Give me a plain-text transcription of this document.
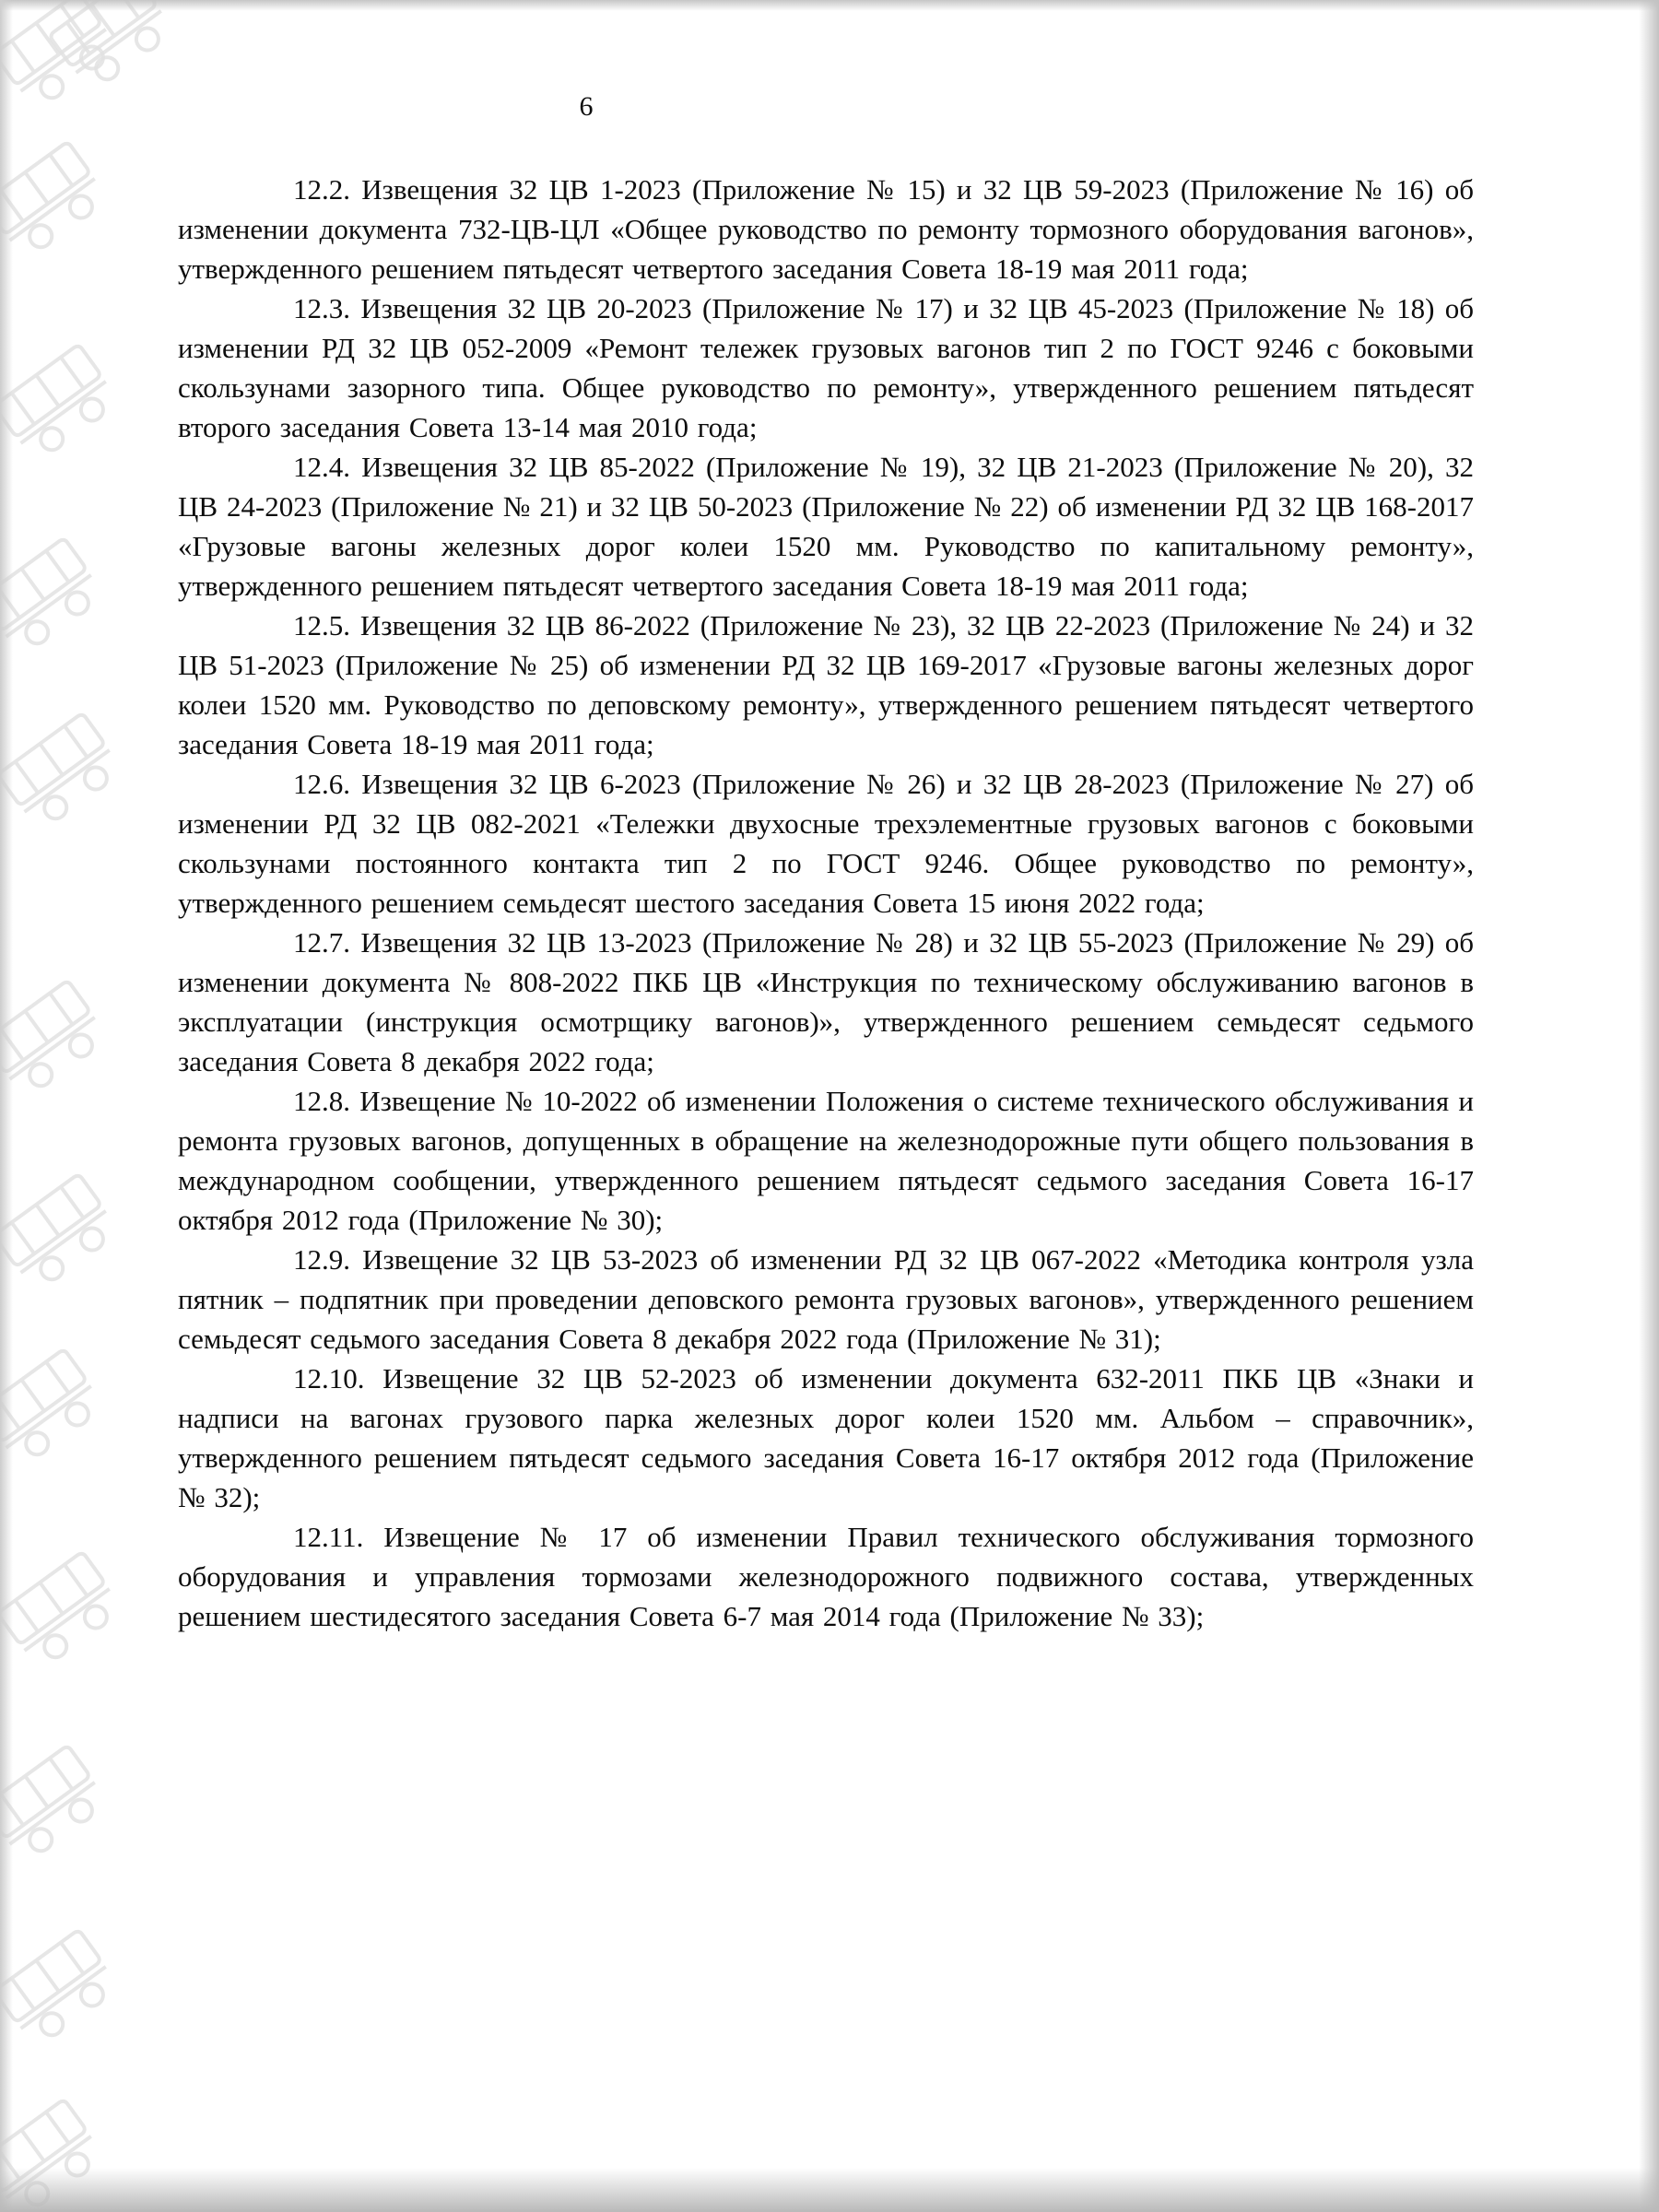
6

12.2. Извещения 32 ЦВ 1-2023 (Приложение № 15) и 32 ЦВ 59-2023 (Приложение № 16) об изменении документа 732-ЦВ-ЦЛ «Общее руководство по ремонту тормозного оборудования вагонов», утвержденного решением пятьдесят четвертого заседания Совета 18-19 мая 2011 года;

12.3. Извещения 32 ЦВ 20-2023 (Приложение № 17) и 32 ЦВ 45-2023 (Приложение № 18) об изменении РД 32 ЦВ 052-2009 «Ремонт тележек грузовых вагонов тип 2 по ГОСТ 9246 с боковыми скользунами зазорного типа. Общее руководство по ремонту», утвержденного решением пятьдесят второго заседания Совета 13-14 мая 2010 года;

12.4. Извещения 32 ЦВ 85-2022 (Приложение № 19), 32 ЦВ 21-2023 (Приложение № 20), 32 ЦВ 24-2023 (Приложение № 21) и 32 ЦВ 50-2023 (Приложение № 22) об изменении РД 32 ЦВ 168-2017 «Грузовые вагоны железных дорог колеи 1520 мм. Руководство по капитальному ремонту», утвержденного решением пятьдесят четвертого заседания Совета 18-19 мая 2011 года;

12.5. Извещения 32 ЦВ 86-2022 (Приложение № 23), 32 ЦВ 22-2023 (Приложение № 24) и 32 ЦВ 51-2023 (Приложение № 25) об изменении РД 32 ЦВ 169-2017 «Грузовые вагоны железных дорог колеи 1520 мм. Руководство по деповскому ремонту», утвержденного решением пятьдесят четвертого заседания Совета 18-19 мая 2011 года;

12.6. Извещения 32 ЦВ 6-2023 (Приложение № 26) и 32 ЦВ 28-2023 (Приложение № 27) об изменении РД 32 ЦВ 082-2021 «Тележки двухосные трехэлементные грузовых вагонов с боковыми скользунами постоянного контакта тип 2 по ГОСТ 9246. Общее руководство по ремонту», утвержденного решением семьдесят шестого заседания Совета 15 июня 2022 года;

12.7. Извещения 32 ЦВ 13-2023 (Приложение № 28) и 32 ЦВ 55-2023 (Приложение № 29) об изменении документа № 808-2022 ПКБ ЦВ «Инструкция по техническому обслуживанию вагонов в эксплуатации (инструкция осмотрщику вагонов)», утвержденного решением семьдесят седьмого заседания Совета 8 декабря 2022 года;

12.8. Извещение № 10-2022 об изменении Положения о системе технического обслуживания и ремонта грузовых вагонов, допущенных в обращение на железнодорожные пути общего пользования в международном сообщении, утвержденного решением пятьдесят седьмого заседания Совета 16-17 октября 2012 года (Приложение № 30);

12.9. Извещение 32 ЦВ 53-2023 об изменении РД 32 ЦВ 067-2022 «Методика контроля узла пятник – подпятник при проведении деповского ремонта грузовых вагонов», утвержденного решением семьдесят седьмого заседания Совета 8 декабря 2022 года (Приложение № 31);

12.10. Извещение 32 ЦВ 52-2023 об изменении документа 632-2011 ПКБ ЦВ «Знаки и надписи на вагонах грузового парка железных дорог колеи 1520 мм. Альбом – справочник», утвержденного решением пятьдесят седьмого заседания Совета 16-17 октября 2012 года (Приложение № 32);

12.11. Извещение № 17 об изменении Правил технического обслуживания тормозного оборудования и управления тормозами железнодорожного подвижного состава, утвержденных решением шестидесятого заседания Совета 6-7 мая 2014 года (Приложение № 33);
